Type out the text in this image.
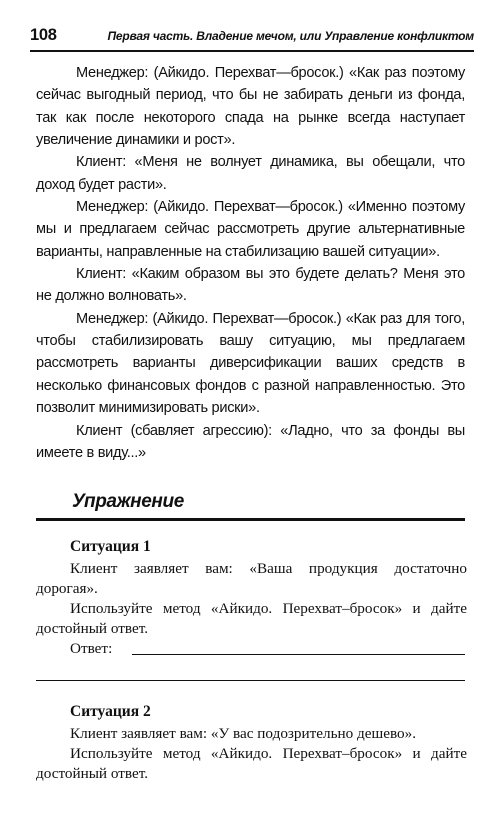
108	Первая часть. Владение мечом, или Управление конфликтом

Менеджер: (Айкидо. Перехват—бросок.) «Как раз поэтому сейчас выгодный период, что бы не забирать деньги из фонда, так как после некоторого спада на рынке всегда наступает увеличение динамики и рост».

Клиент: «Меня не волнует динамика, вы обещали, что доход будет расти».

Менеджер: (Айкидо. Перехват—бросок.) «Именно поэтому мы и предлагаем сейчас рассмотреть другие альтернативные варианты, направленные на стабилизацию вашей ситуации».

Клиент: «Каким образом вы это будете делать? Меня это не должно волновать».

Менеджер: (Айкидо. Перехват—бросок.) «Как раз для того, чтобы стабилизировать вашу ситуацию, мы предлагаем рассмотреть варианты диверсификации ваших средств в несколько финансовых фондов с разной направленностью. Это позволит минимизировать риски».

Клиент (сбавляет агрессию): «Ладно, что за фонды вы имеете в виду...»

Упражнение

Ситуация 1

Клиент заявляет вам: «Ваша продукция достаточно дорогая».

Используйте метод «Айкидо. Перехват–бросок» и дайте достойный ответ.

Ответ:

Ситуация 2

Клиент заявляет вам: «У вас подозрительно дешево».

Используйте метод «Айкидо. Перехват–бросок» и дайте достойный ответ.
